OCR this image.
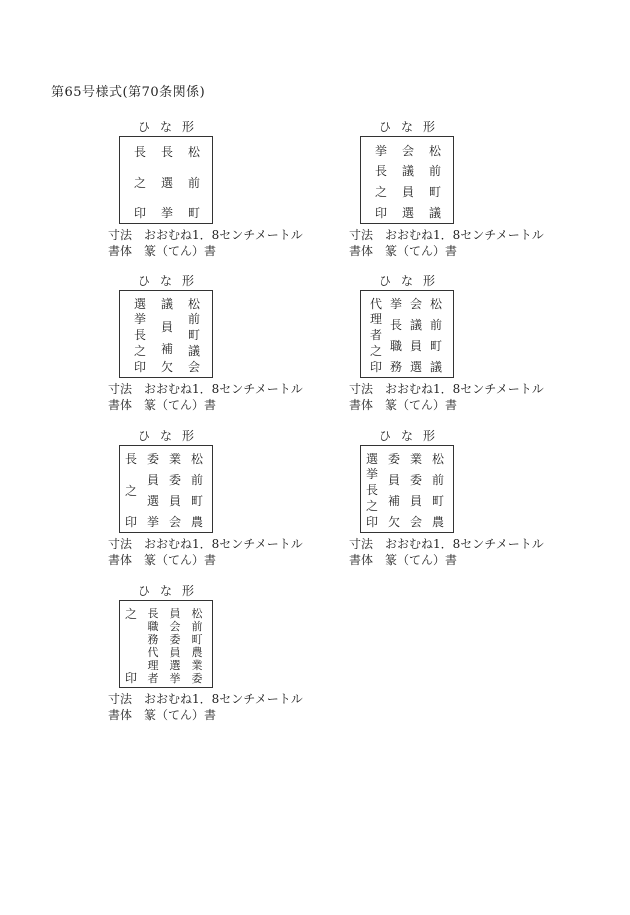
第65号様式(第70条関係)
ひ な 形
長
之
印
長
選
挙
松
前
町
寸法　おおむね1．8センチメートル
書体　篆（てん）書
ひ な 形
挙
長
之
印
会
議
員
選
松
前
町
議
寸法　おおむね1．8センチメートル
書体　篆（てん）書
ひ な 形
選
挙
長
之
印
議
員
補
欠
松
前
町
議
会
寸法　おおむね1．8センチメートル
書体　篆（てん）書
ひ な 形
代
理
者
之
印
挙
長
職
務
会
議
員
選
松
前
町
議
寸法　おおむね1．8センチメートル
書体　篆（てん）書
ひ な 形
長
之
印
委
員
選
挙
業
委
員
会
松
前
町
農
寸法　おおむね1．8センチメートル
書体　篆（てん）書
ひ な 形
選
挙
長
之
印
委
員
補
欠
業
委
員
会
松
前
町
農
寸法　おおむね1．8センチメートル
書体　篆（てん）書
ひ な 形
之
印
長
職
務
代
理
者
員
会
委
員
選
挙
松
前
町
農
業
委
寸法　おおむね1．8センチメートル
書体　篆（てん）書
